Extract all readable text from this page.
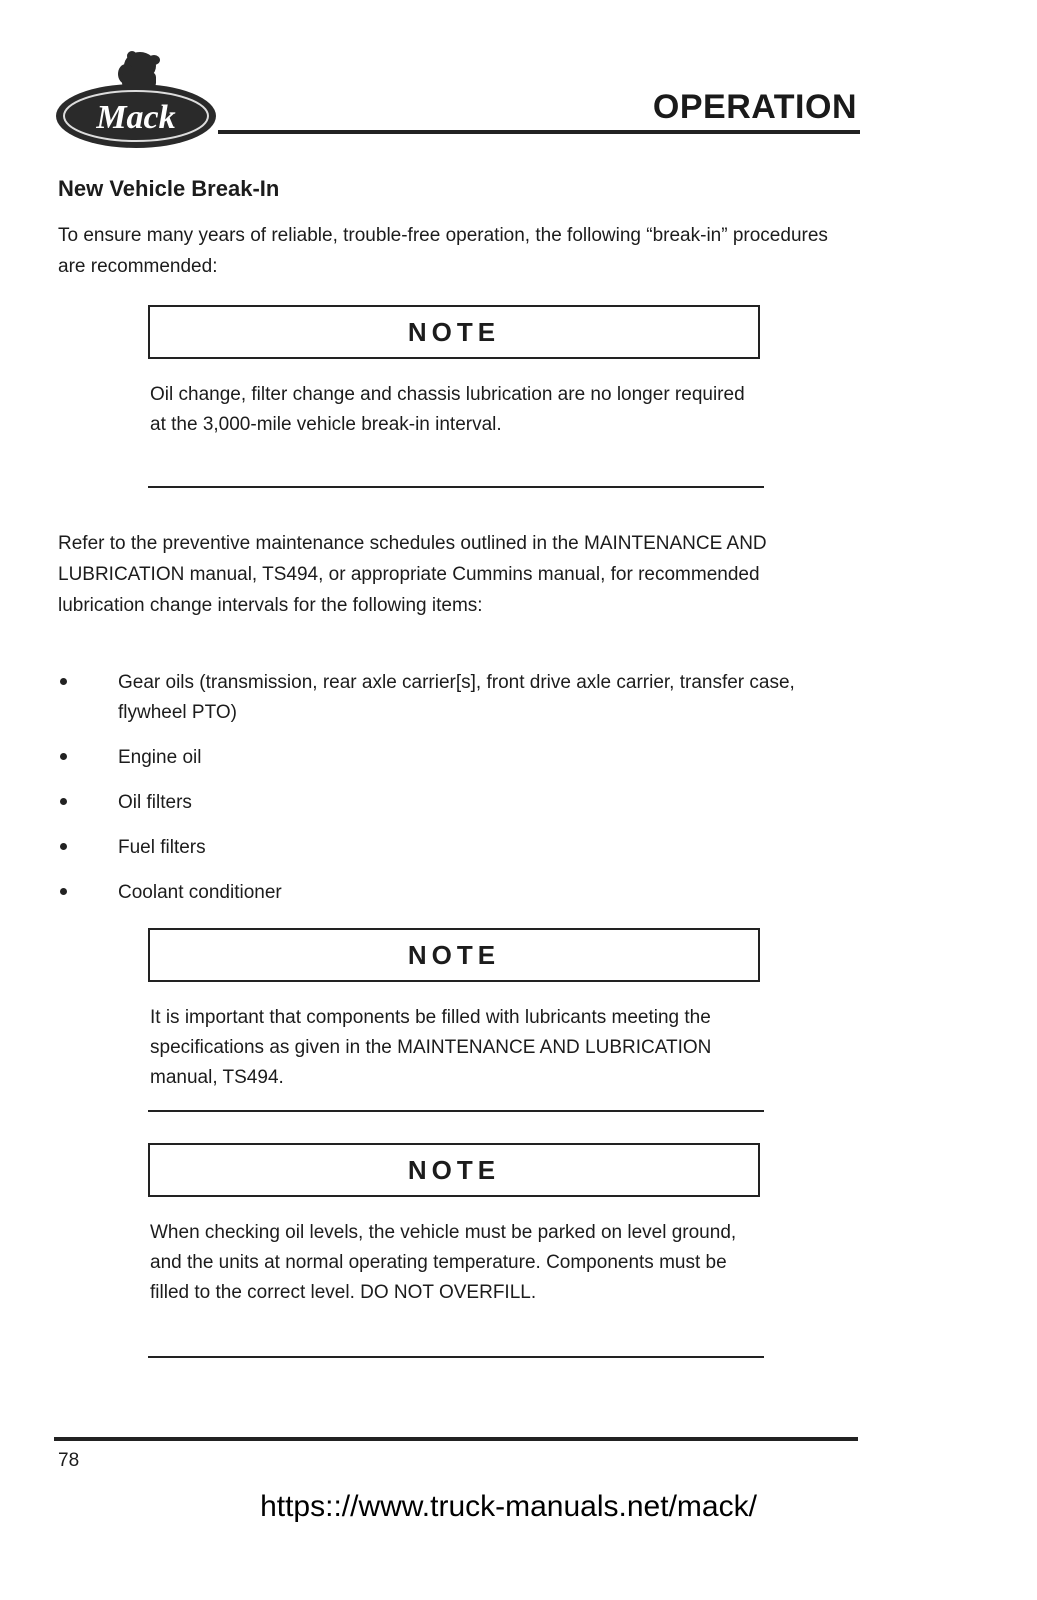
Mack	OPERATION
New Vehicle Break-In

To ensure many years of reliable, trouble-free operation, the following “break-in” procedures are recommended:

NOTE

Oil change, filter change and chassis lubrication are no longer required at the 3,000-mile vehicle break-in interval.

Refer to the preventive maintenance schedules outlined in the MAINTENANCE AND LUBRICATION manual, TS494, or appropriate Cummins manual, for recommended lubrication change intervals for the following items:

Gear oils (transmission, rear axle carrier[s], front drive axle carrier, transfer case, flywheel PTO)
Engine oil
Oil filters
Fuel filters
Coolant conditioner
NOTE

It is important that components be filled with lubricants meeting the specifications as given in the MAINTENANCE AND LUBRICATION manual, TS494.

NOTE

When checking oil levels, the vehicle must be parked on level ground, and the units at normal operating temperature. Components must be filled to the correct level. DO NOT OVERFILL.

78

https:://www.truck-manuals.net/mack/
